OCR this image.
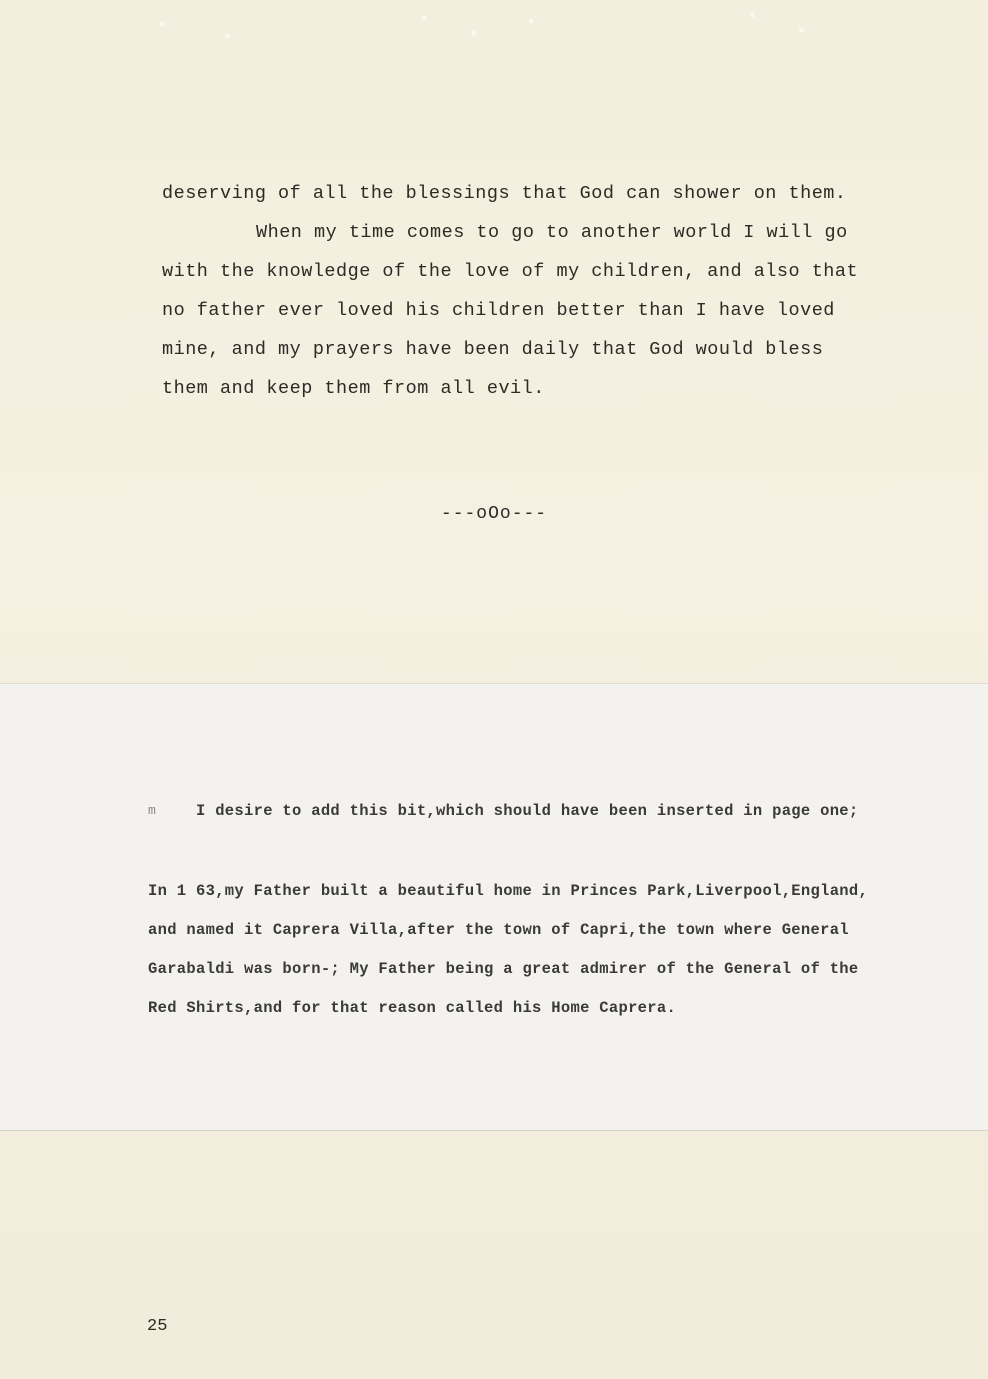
deserving of all the blessings that God can shower on them.
When my time comes to go to another world I will go
with the knowledge of the love of my children, and also that
no father ever loved his children better than I have loved
mine, and my prayers have been daily that God would bless
them and keep them from all evil.
---oOo---
m	I desire to add this bit,which should have been inserted in page one;
In 1 63,my Father built a beautiful home in Princes Park,Liverpool,England,
and named it Caprera Villa,after the town of Capri,the town where General
Garabaldi was born-; My Father being a great admirer of the General of the
Red Shirts,and for that reason called his Home Caprera.
25
